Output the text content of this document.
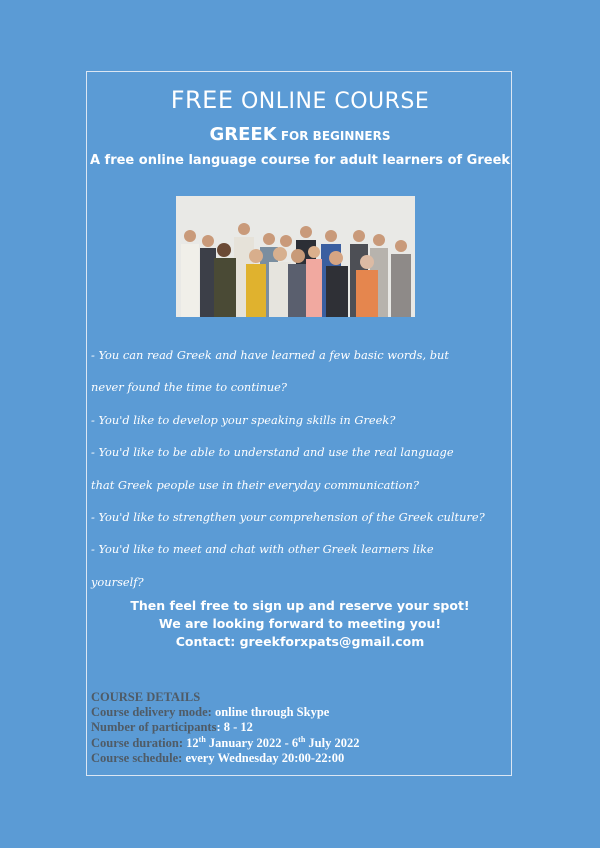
FREE ONLINE COURSE
GREEK FOR BEGINNERS
A free online language course for adult learners of Greek
- You can read Greek and have learned a few basic words, but
never found the time to continue?
- You'd like to develop your speaking skills in Greek?
- You'd like to be able to understand and use the real language
that Greek people use in their everyday communication?
- You'd like to strengthen your comprehension of the Greek culture?
- You'd like to meet and chat with other Greek learners like
yourself?
Then feel free to sign up and reserve your spot!
We are looking forward to meeting you!
Contact: greekforxpats@gmail.com
COURSE DETAILS
Course delivery mode: online through Skype
Number of participants: 8 - 12
Course duration: 12th January 2022 - 6th July 2022
Course schedule: every Wednesday 20:00-22:00
